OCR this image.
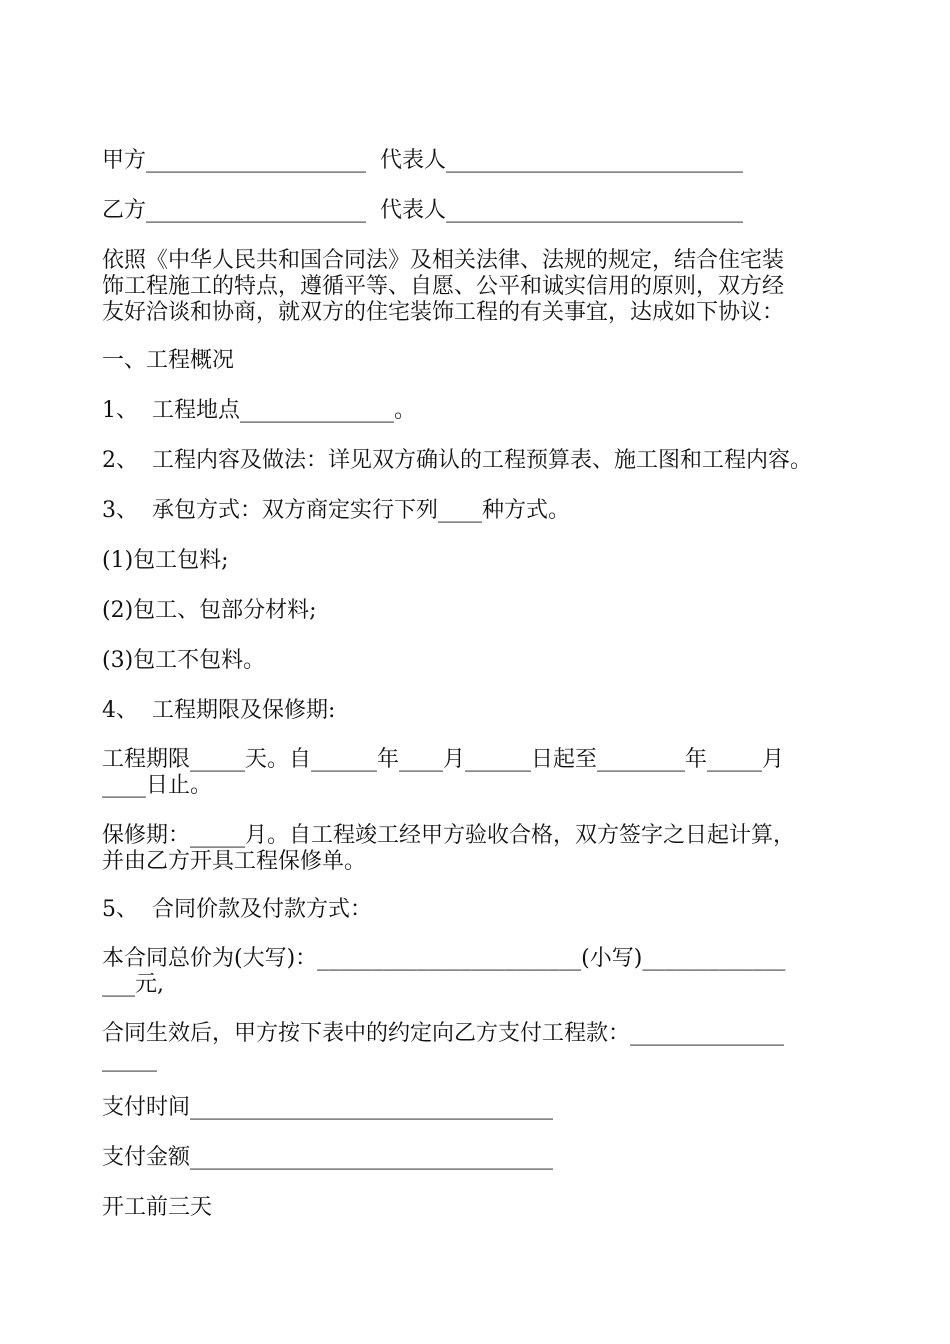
甲方____________________  代表人___________________________

乙方____________________  代表人___________________________

依照《中华人民共和国合同法》及相关法律、法规的规定，结合住宅装

饰工程施工的特点，遵循平等、自愿、公平和诚实信用的原则，双方经

友好洽谈和协商，就双方的住宅装饰工程的有关事宜，达成如下协议：

一、工程概况

1、  工程地点______________。

2、  工程内容及做法：详见双方确认的工程预算表、施工图和工程内容。

3、  承包方式：双方商定实行下列____种方式。

(1)包工包料;

(2)包工、包部分材料;

(3)包工不包料。

4、  工程期限及保修期:

工程期限_____天。自______年____月______日起至________年_____月

____日止。

保修期：_____月。自工程竣工经甲方验收合格，双方签字之日起计算，

并由乙方开具工程保修单。

5、  合同价款及付款方式：

本合同总价为(大写)：________________________(小写)_____________

___元,

合同生效后，甲方按下表中的约定向乙方支付工程款：______________

_____

支付时间_________________________________

支付金额_________________________________

开工前三天
